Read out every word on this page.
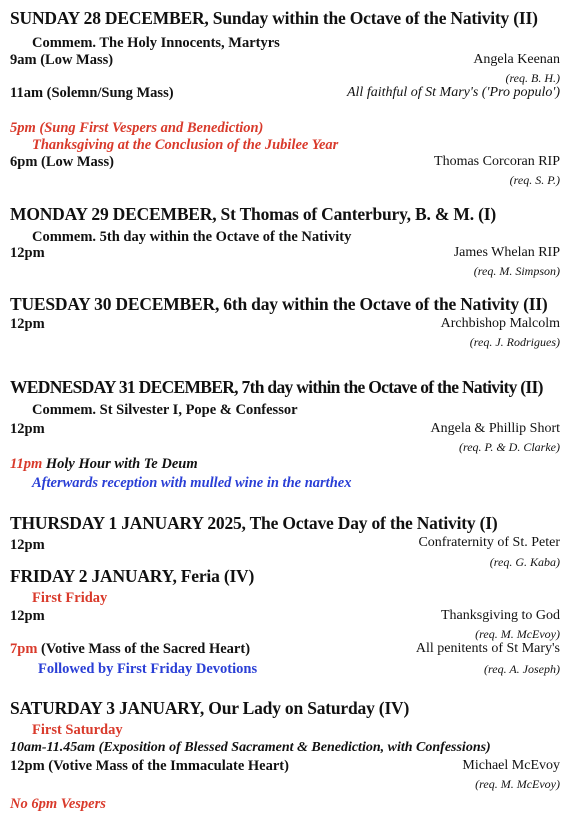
SUNDAY 28 DECEMBER, Sunday within the Octave of the Nativity (II)
Commem. The Holy Innocents, Martyrs
9am (Low Mass)	Angela Keenan
(req. B. H.)
11am (Solemn/Sung Mass)	All faithful of St Mary's ('Pro populo')
5pm (Sung First Vespers and Benediction)
Thanksgiving at the Conclusion of the Jubilee Year
6pm (Low Mass)	Thomas Corcoran RIP
(req. S. P.)
MONDAY 29 DECEMBER, St Thomas of Canterbury, B. & M. (I)
Commem. 5th day within the Octave of the Nativity
12pm	James Whelan RIP
(req. M. Simpson)
TUESDAY 30 DECEMBER, 6th day within the Octave of the Nativity (II)
12pm	Archbishop Malcolm
(req. J. Rodrigues)
WEDNESDAY 31 DECEMBER, 7th day within the Octave of the Nativity (II)
Commem. St Silvester I, Pope & Confessor
12pm	Angela & Phillip Short
(req. P. & D. Clarke)
11pm Holy Hour with Te Deum
Afterwards reception with mulled wine in the narthex
THURSDAY 1 JANUARY 2025, The Octave Day of the Nativity (I)
12pm	Confraternity of St. Peter
(req. G. Kaba)
FRIDAY 2 JANUARY, Feria (IV)
First Friday
12pm	Thanksgiving to God
(req. M. McEvoy)
7pm (Votive Mass of the Sacred Heart)	All penitents of St Mary's
Followed by First Friday Devotions	(req. A. Joseph)
SATURDAY 3 JANUARY, Our Lady on Saturday (IV)
First Saturday
10am-11.45am (Exposition of Blessed Sacrament & Benediction, with Confessions)
12pm (Votive Mass of the Immaculate Heart)	Michael McEvoy
(req. M. McEvoy)
No 6pm Vespers
